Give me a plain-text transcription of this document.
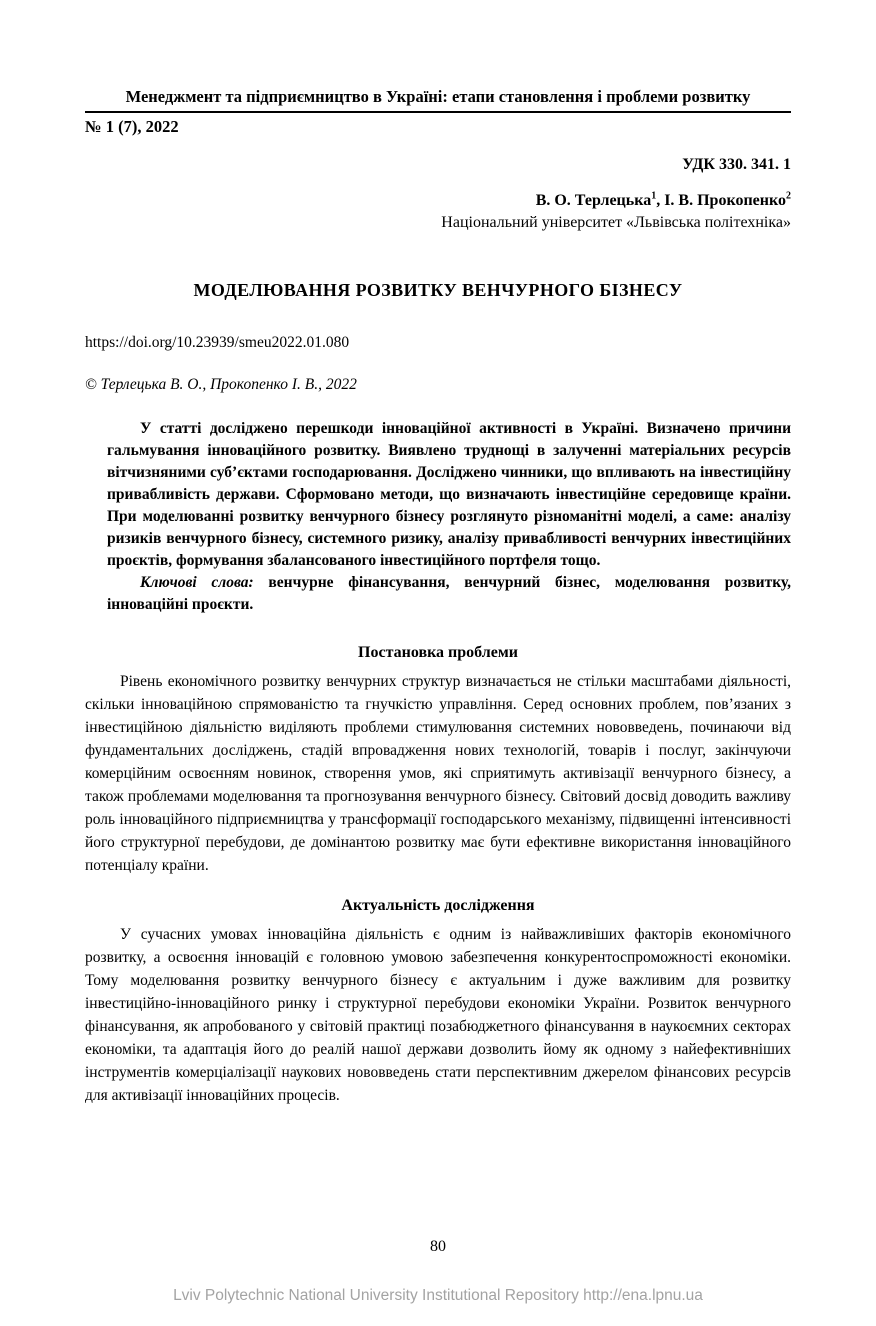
Менеджмент та підприємництво в Україні: етапи становлення і проблеми розвитку
№ 1 (7), 2022
УДК 330. 341. 1
В. О. Терлецька$^1$, І. В. Прокопенко$^2$
Національний університет «Львівська політехніка»
МОДЕЛЮВАННЯ РОЗВИТКУ ВЕНЧУРНОГО БІЗНЕСУ
https://doi.org/10.23939/smeu2022.01.080
© Терлецька В. О., Прокопенко І. В., 2022

У статті досліджено перешкоди інноваційної активності в Україні. Визначено причини гальмування інноваційного розвитку. Виявлено труднощі в залученні матеріальних ресурсів вітчизняними суб’єктами господарювання. Досліджено чинники, що впливають на інвестиційну привабливість держави. Сформовано методи, що визначають інвестиційне середовище країни. При моделюванні розвитку венчурного бізнесу розглянуто різноманітні моделі, а саме: аналізу ризиків венчурного бізнесу, системного ризику, аналізу привабливості венчурних інвестиційних проєктів, формування збалансованого інвестиційного портфеля тощо.

Ключові слова: венчурне фінансування, венчурний бізнес, моделювання розвитку, інноваційні проєкти.

Постановка проблеми

Рівень економічного розвитку венчурних структур визначається не стільки масштабами діяльності, скільки інноваційною спрямованістю та гнучкістю управління. Серед основних проблем, пов’язаних з інвестиційною діяльністю виділяють проблеми стимулювання системних нововведень, починаючи від фундаментальних досліджень, стадій впровадження нових технологій, товарів і послуг, закінчуючи комерційним освоєнням новинок, створення умов, які сприятимуть активізації венчурного бізнесу, а також проблемами моделювання та прогнозування венчурного бізнесу. Світовий досвід доводить важливу роль інноваційного підприємництва у трансформації господарського механізму, підвищенні інтенсивності його структурної перебудови, де домінантою розвитку має бути ефективне використання інноваційного потенціалу країни.

Актуальність дослідження

У сучасних умовах інноваційна діяльність є одним із найважливіших факторів економічного розвитку, а освоєння інновацій є головною умовою забезпечення конкурентоспроможності економіки. Тому моделювання розвитку венчурного бізнесу є актуальним і дуже важливим для розвитку інвестиційно-інноваційного ринку і структурної перебудови економіки України. Розвиток венчурного фінансування, як апробованого у світовій практиці позабюджетного фінансування в наукоємних секторах економіки, та адаптація його до реалій нашої держави дозволить йому як одному з найефективніших інструментів комерціалізації наукових нововведень стати перспективним джерелом фінансових ресурсів для активізації інноваційних процесів.

80
Lviv Polytechnic National University Institutional Repository http://ena.lpnu.ua
